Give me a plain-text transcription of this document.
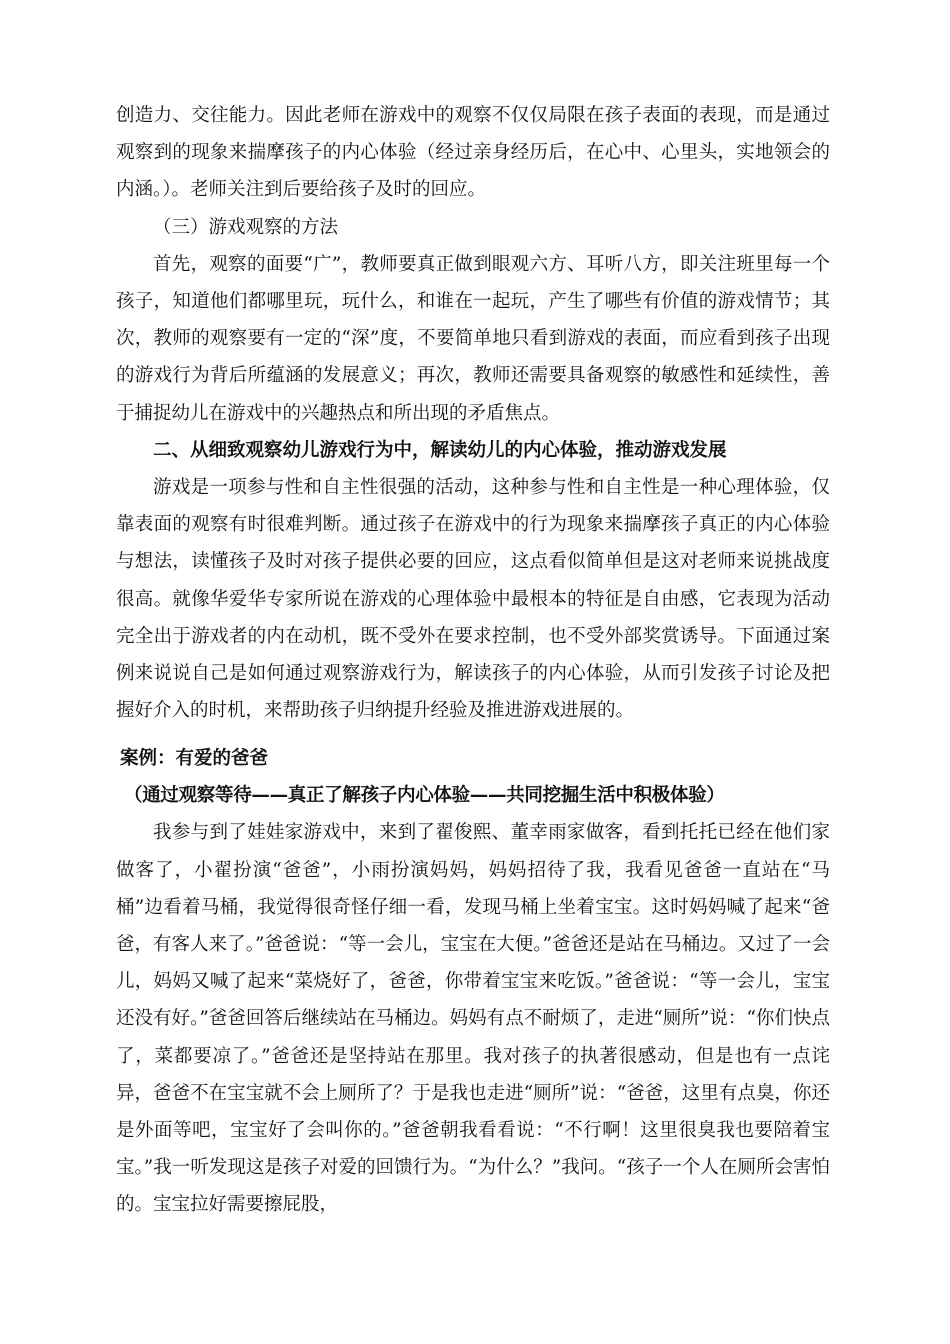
创造力、交往能力。因此老师在游戏中的观察不仅仅局限在孩子表面的表现，而是通过观察到的现象来揣摩孩子的内心体验（经过亲身经历后，在心中、心里头，实地领会的内涵。）。老师关注到后要给孩子及时的回应。

（三）游戏观察的方法

首先，观察的面要“广”，教师要真正做到眼观六方、耳听八方，即关注班里每一个孩子，知道他们都哪里玩，玩什么，和谁在一起玩，产生了哪些有价值的游戏情节；其次，教师的观察要有一定的“深”度，不要简单地只看到游戏的表面，而应看到孩子出现的游戏行为背后所蕴涵的发展意义；再次，教师还需要具备观察的敏感性和延续性，善于捕捉幼儿在游戏中的兴趣热点和所出现的矛盾焦点。

二、从细致观察幼儿游戏行为中，解读幼儿的内心体验，推动游戏发展

游戏是一项参与性和自主性很强的活动，这种参与性和自主性是一种心理体验，仅靠表面的观察有时很难判断。通过孩子在游戏中的行为现象来揣摩孩子真正的内心体验与想法，读懂孩子及时对孩子提供必要的回应，这点看似简单但是这对老师来说挑战度很高。就像华爱华专家所说在游戏的心理体验中最根本的特征是自由感，它表现为活动完全出于游戏者的内在动机，既不受外在要求控制，也不受外部奖赏诱导。下面通过案例来说说自己是如何通过观察游戏行为，解读孩子的内心体验，从而引发孩子讨论及把握好介入的时机，来帮助孩子归纳提升经验及推进游戏进展的。

案例：有爱的爸爸

（通过观察等待——真正了解孩子内心体验——共同挖掘生活中积极体验）

我参与到了娃娃家游戏中，来到了翟俊熙、董幸雨家做客，看到托托已经在他们家做客了，小翟扮演“爸爸”，小雨扮演妈妈，妈妈招待了我，我看见爸爸一直站在“马桶”边看着马桶，我觉得很奇怪仔细一看，发现马桶上坐着宝宝。这时妈妈喊了起来“爸爸，有客人来了。”爸爸说：“等一会儿，宝宝在大便。”爸爸还是站在马桶边。又过了一会儿，妈妈又喊了起来“菜烧好了，爸爸，你带着宝宝来吃饭。”爸爸说：“等一会儿，宝宝还没有好。”爸爸回答后继续站在马桶边。妈妈有点不耐烦了，走进“厕所”说：“你们快点了，菜都要凉了。”爸爸还是坚持站在那里。我对孩子的执著很感动，但是也有一点诧异，爸爸不在宝宝就不会上厕所了？于是我也走进“厕所”说：“爸爸，这里有点臭，你还是外面等吧，宝宝好了会叫你的。”爸爸朝我看看说：“不行啊！这里很臭我也要陪着宝宝。”我一听发现这是孩子对爱的回馈行为。“为什么？”我问。“孩子一个人在厕所会害怕的。宝宝拉好需要擦屁股，
